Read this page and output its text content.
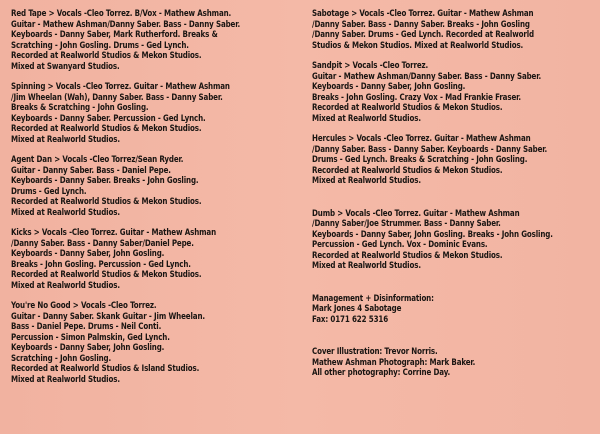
Red Tape > Vocals -Cleo Torrez. B/Vox - Mathew Ashman.
Guitar - Mathew Ashman/Danny Saber. Bass - Danny Saber.
Keyboards - Danny Saber, Mark Rutherford. Breaks &
Scratching - John Gosling. Drums - Ged Lynch.
Recorded at Realworld Studios & Mekon Studios.
Mixed at Swanyard Studios.
Spinning > Vocals -Cleo Torrez. Guitar - Mathew Ashman
/Jim Wheelan (Wah), Danny Saber. Bass - Danny Saber.
Breaks & Scratching - John Gosling.
Keyboards - Danny Saber. Percussion - Ged Lynch.
Recorded at Realworld Studios & Mekon Studios.
Mixed at Realworld Studios.
Agent Dan > Vocals -Cleo Torrez/Sean Ryder.
Guitar - Danny Saber. Bass - Daniel Pepe.
Keyboards - Danny Saber. Breaks - John Gosling.
Drums - Ged Lynch.
Recorded at Realworld Studios & Mekon Studios.
Mixed at Realworld Studios.
Kicks > Vocals -Cleo Torrez. Guitar - Mathew Ashman
/Danny Saber. Bass - Danny Saber/Daniel Pepe.
Keyboards - Danny Saber, John Gosling.
Breaks - John Gosling. Percussion - Ged Lynch.
Recorded at Realworld Studios & Mekon Studios.
Mixed at Realworld Studios.
You're No Good > Vocals -Cleo Torrez.
Guitar - Danny Saber. Skank Guitar - Jim Wheelan.
Bass - Daniel Pepe. Drums - Neil Conti.
Percussion - Simon Palmskin, Ged Lynch.
Keyboards - Danny Saber, John Gosling.
Scratching - John Gosling.
Recorded at Realworld Studios & Island Studios.
Mixed at Realworld Studios.
Sabotage > Vocals -Cleo Torrez. Guitar - Mathew Ashman
/Danny Saber. Bass - Danny Saber. Breaks - John Gosling
/Danny Saber. Drums - Ged Lynch. Recorded at Realworld
Studios & Mekon Studios. Mixed at Realworld Studios.
Sandpit > Vocals -Cleo Torrez.
Guitar - Mathew Ashman/Danny Saber. Bass - Danny Saber.
Keyboards - Danny Saber, John Gosling.
Breaks - John Gosling. Crazy Vox - Mad Frankie Fraser.
Recorded at Realworld Studios & Mekon Studios.
Mixed at Realworld Studios.
Hercules > Vocals -Cleo Torrez. Guitar - Mathew Ashman
/Danny Saber. Bass - Danny Saber. Keyboards - Danny Saber.
Drums - Ged Lynch. Breaks & Scratching - John Gosling.
Recorded at Realworld Studios & Mekon Studios.
Mixed at Realworld Studios.
Dumb > Vocals -Cleo Torrez. Guitar - Mathew Ashman
/Danny Saber/Joe Strummer. Bass - Danny Saber.
Keyboards - Danny Saber, John Gosling. Breaks - John Gosling.
Percussion - Ged Lynch. Vox - Dominic Evans.
Recorded at Realworld Studios & Mekon Studios.
Mixed at Realworld Studios.
Management + Disinformation:
Mark Jones 4 Sabotage
Fax: 0171 622 5316
Cover Illustration: Trevor Norris.
Mathew Ashman Photograph: Mark Baker.
All other photography: Corrine Day.
